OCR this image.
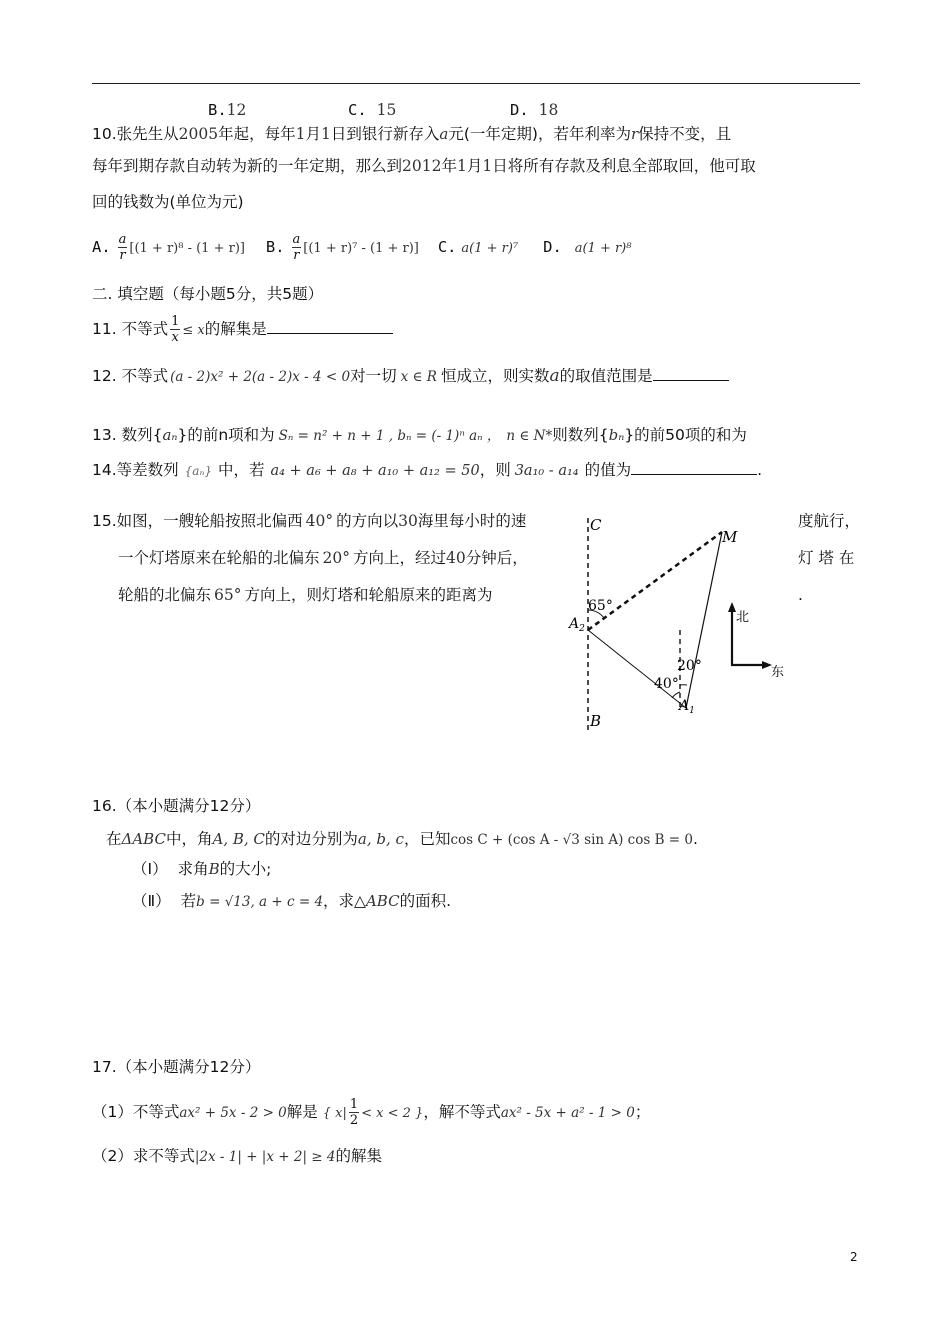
B.12	C. 15	D. 18
10.张先生从2005年起，每年1月1日到银行新存入a元(一年定期)，若年利率为r保持不变，且
每年到期存款自动转为新的一年定期，那么到2012年1月1日将所有存款及利息全部取回，他可取
回的钱数为(单位为元)
A. $\frac{a}{r} [(1 + r)^8 - (1 + r)]$ B. $\frac{a}{r} [(1 + r)^7 - (1 + r)]$ C. a(1 + r)⁷ D. a(1 + r)⁸
二. 填空题（每小题5分，共5题）
11. 不等式 $\frac{1}{x} \le x$的解集是
12. 不等式 (a - 2)x² + 2(a - 2)x - 4 < 0对一切 x ∈ R 恒成立，则实数a的取值范围是
13. 数列{aₙ}的前n项和为 Sₙ = n² + n + 1 , bₙ = (- 1)ⁿ aₙ ， n ∈ N*则数列{bₙ}的前50项的和为
14.等差数列 {aₙ} 中，若 a₄ + a₆ + a₈ + a₁₀ + a₁₂ = 50，则 3a₁₀ - a₁₄ 的值为	.
15.如图，一艘轮船按照北偏西 40° 的方向以30海里每小时的速	度航行，
一个灯塔原来在轮船的北偏东 20° 方向上，经过40分钟后，	灯 塔 在
轮船的北偏东 65° 方向上，则灯塔和轮船原来的距离为	.
C
M
$A_2$
65°
20°
40°
$A_1$
B
北
东
16.（本小题满分12分）
在ΔABC中，角A, B, C的对边分别为a, b, c，已知cos C + (cos A - √3 sin A) cos B = 0.
（Ⅰ） 求角B的大小;
（Ⅱ） 若b = √13, a + c = 4，求△ABC的面积.
17.（本小题满分12分）
（1）不等式ax² + 5x - 2 > 0解是 { $x| \frac{1}{2} < x < 2$ }，解不等式ax² - 5x + a² - 1 > 0；
（2）求不等式|2x - 1| + |x + 2| ≥ 4的解集
2
